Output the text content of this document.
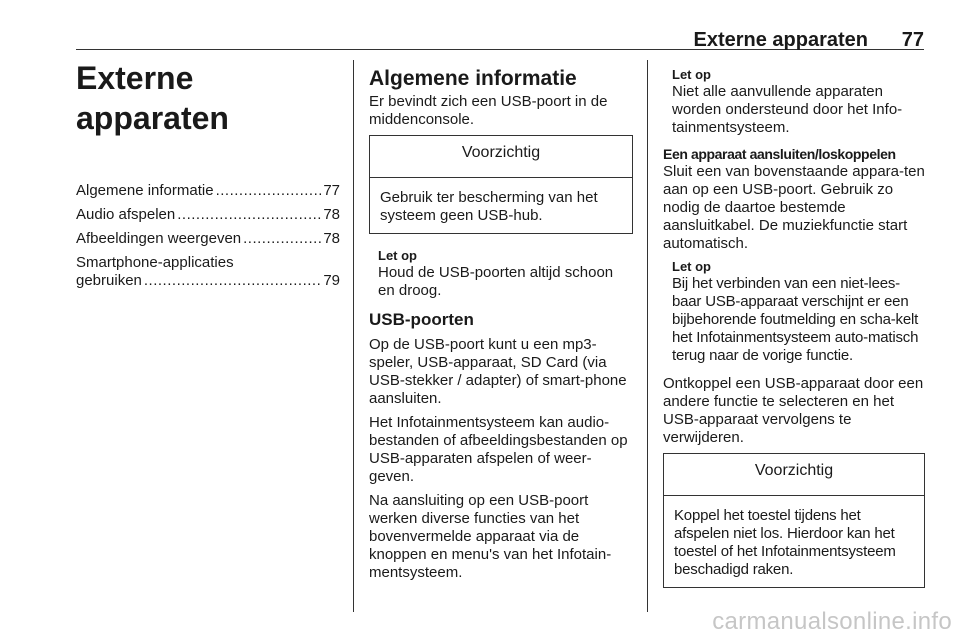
Externe apparaten 77
Externe apparaten
Algemene informatie .....	77
Audio afspelen .....	78
Afbeeldingen weergeven .....	78
Smartphone-applicaties
gebruiken .....	79
Algemene informatie

Er bevindt zich een USB-poort in de middenconsole.

Voorzichtig

Gebruik ter bescherming van het systeem geen USB-hub.

Let op

Houd de USB-poorten altijd schoon en droog.

USB-poorten

Op de USB-poort kunt u een mp3-speler, USB-apparaat, SD Card (via USB-stekker / adapter) of smart-phone aansluiten.

Het Infotainmentsysteem kan audio-bestanden of afbeeldingsbestanden op USB-apparaten afspelen of weer-geven.

Na aansluiting op een USB-poort werken diverse functies van het bovenvermelde apparaat via de knoppen en menu's van het Infotain-mentsysteem.

Let op

Niet alle aanvullende apparaten worden ondersteund door het Info-tainmentsysteem.

Een apparaat aansluiten/loskoppelen

Sluit een van bovenstaande appara-ten aan op een USB-poort. Gebruik zo nodig de daartoe bestemde aansluitkabel. De muziekfunctie start automatisch.

Let op

Bij het verbinden van een niet-lees-baar USB-apparaat verschijnt er een bijbehorende foutmelding en scha-kelt het Infotainmentsysteem auto-matisch terug naar de vorige functie.

Ontkoppel een USB-apparaat door een andere functie te selecteren en het USB-apparaat vervolgens te verwijderen.

Voorzichtig

Koppel het toestel tijdens het afspelen niet los. Hierdoor kan het toestel of het Infotainmentsysteem beschadigd raken.

carmanualsonline.info
